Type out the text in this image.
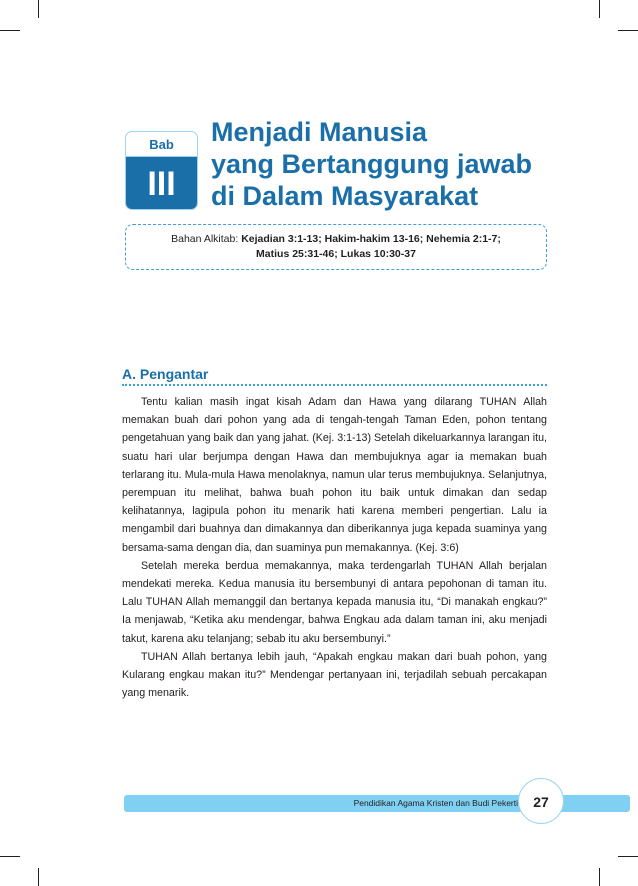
Bab
III
Menjadi Manusia
yang Bertanggung jawab
di Dalam Masyarakat
Bahan Alkitab: Kejadian 3:1-13; Hakim-hakim 13-16; Nehemia 2:1-7;
Matius 25:31-46; Lukas 10:30-37
A. Pengantar

Tentu kalian masih ingat kisah Adam dan Hawa yang dilarang TUHAN Allah memakan buah dari pohon yang ada di tengah-tengah Taman Eden, pohon tentang pengetahuan yang baik dan yang jahat. (Kej. 3:1-13) Setelah dikeluarkannya larangan itu, suatu hari ular berjumpa dengan Hawa dan membujuknya agar ia memakan buah terlarang itu. Mula-mula Hawa menolaknya, namun ular terus membujuknya. Selanjutnya, perempuan itu melihat, bahwa buah pohon itu baik untuk dimakan dan sedap kelihatannya, lagipula pohon itu menarik hati karena memberi pengertian. Lalu ia mengambil dari buahnya dan dimakannya dan diberikannya juga kepada suaminya yang bersama-sama dengan dia, dan suaminya pun memakannya. (Kej. 3:6)

Setelah mereka berdua memakannya, maka terdengarlah TUHAN Allah berjalan mendekati mereka. Kedua manusia itu bersembunyi di antara pepohonan di taman itu. Lalu TUHAN Allah memanggil dan bertanya kepada manusia itu, “Di manakah engkau?” Ia menjawab, “Ketika aku mendengar, bahwa Engkau ada dalam taman ini, aku menjadi takut, karena aku telanjang; sebab itu aku bersembunyi.”

TUHAN Allah bertanya lebih jauh, “Apakah engkau makan dari buah pohon, yang Kularang engkau makan itu?” Mendengar pertanyaan ini, terjadilah sebuah percakapan yang menarik.

Pendidikan Agama Kristen dan Budi Pekerti	27
